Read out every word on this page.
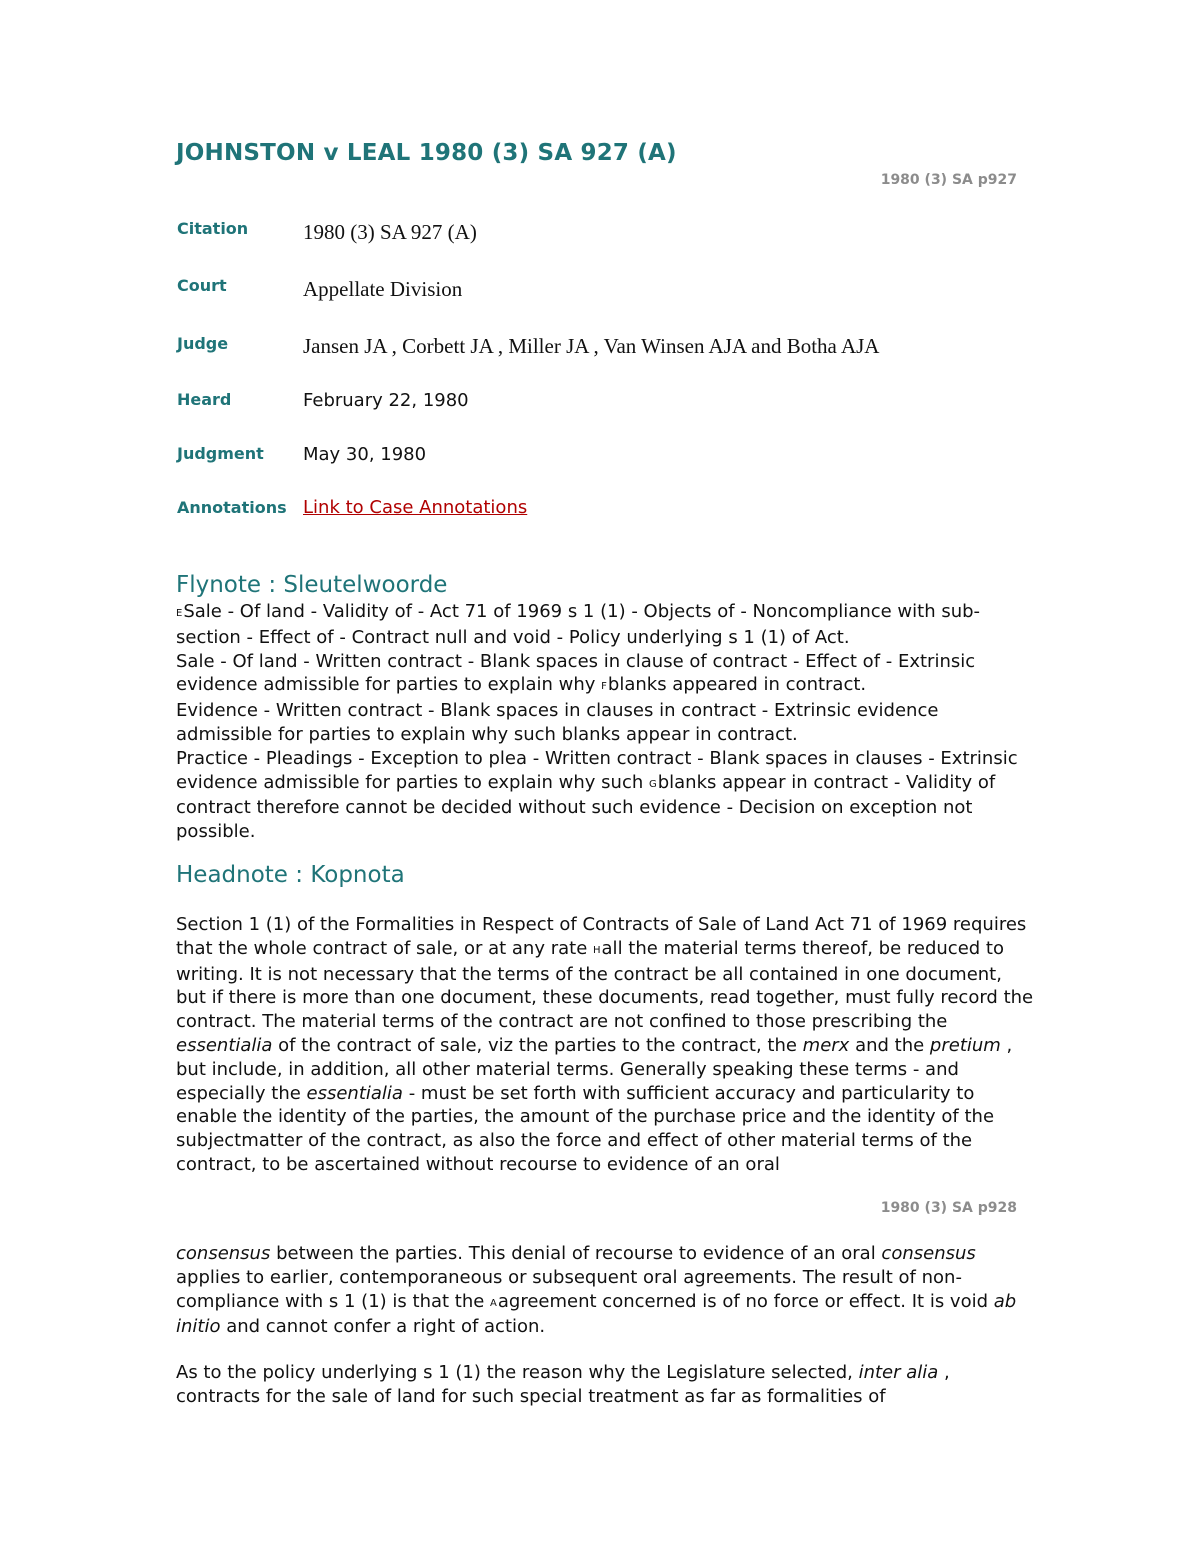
JOHNSTON v LEAL 1980 (3) SA 927 (A)
1980 (3) SA p927
Citation	1980 (3) SA 927 (A)
Court	Appellate Division
Judge	Jansen JA , Corbett JA , Miller JA , Van Winsen AJA and Botha AJA
Heard	February 22, 1980
Judgment May 30, 1980
Annotations Link to Case Annotations
Flynote : Sleutelwoorde

ESale - Of land - Validity of - Act 71 of 1969 s 1 (1) - Objects of - Noncompliance with sub-section - Effect of - Contract null and void - Policy underlying s 1 (1) of Act.

Sale - Of land - Written contract - Blank spaces in clause of contract - Effect of - Extrinsic evidence admissible for parties to explain why Fblanks appeared in contract.

Evidence - Written contract - Blank spaces in clauses in contract - Extrinsic evidence admissible for parties to explain why such blanks appear in contract.

Practice - Pleadings - Exception to plea - Written contract - Blank spaces in clauses - Extrinsic evidence admissible for parties to explain why such Gblanks appear in contract - Validity of contract therefore cannot be decided without such evidence - Decision on exception not possible.

Headnote : Kopnota

Section 1 (1) of the Formalities in Respect of Contracts of Sale of Land Act 71 of 1969 requires that the whole contract of sale, or at any rate Hall the material terms thereof, be reduced to writing. It is not necessary that the terms of the contract be all contained in one document, but if there is more than one document, these documents, read together, must fully record the contract. The material terms of the contract are not confined to those prescribing the essentialia of the contract of sale, viz the parties to the contract, the merx and the pretium , but include, in addition, all other material terms. Generally speaking these terms - and especially the essentialia - must be set forth with sufficient accuracy and particularity to enable the identity of the parties, the amount of the purchase price and the identity of the subjectmatter of the contract, as also the force and effect of other material terms of the contract, to be ascertained without recourse to evidence of an oral

1980 (3) SA p928

consensus between the parties. This denial of recourse to evidence of an oral consensus applies to earlier, contemporaneous or subsequent oral agreements. The result of non-compliance with s 1 (1) is that the Aagreement concerned is of no force or effect. It is void ab initio and cannot confer a right of action.

As to the policy underlying s 1 (1) the reason why the Legislature selected, inter alia , contracts for the sale of land for such special treatment as far as formalities of
